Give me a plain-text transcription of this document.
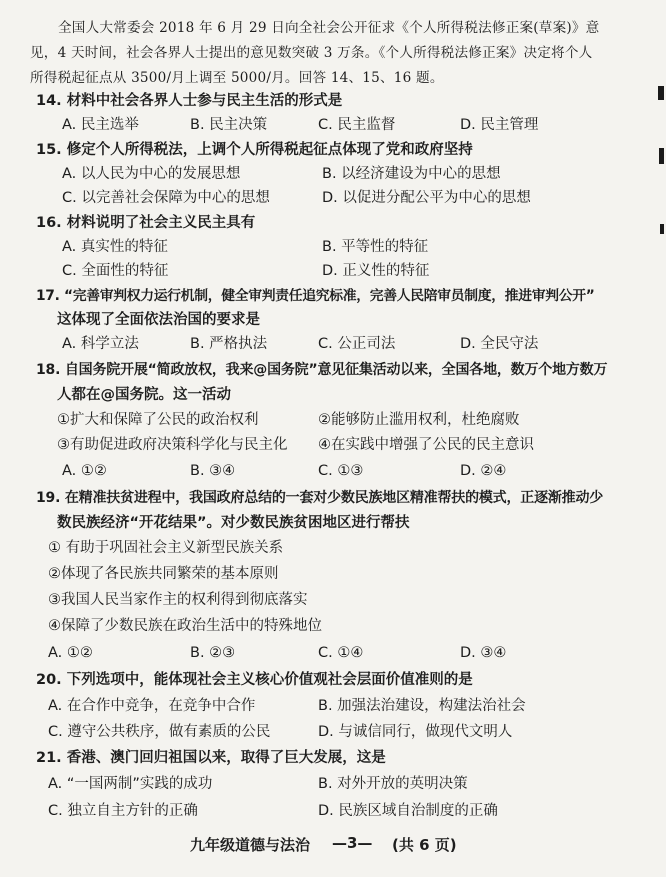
全国人大常委会 2018 年 6 月 29 日向全社会公开征求《个人所得税法修正案(草案)》意
见，4 天时间，社会各界人士提出的意见数突破 3 万条。《个人所得税法修正案》决定将个人
所得税起征点从 3500/月上调至 5000/月。回答 14、15、16 题。
14. 材料中社会各界人士参与民主生活的形式是
A. 民主选举	B. 民主决策	C. 民主监督	D. 民主管理
15. 修定个人所得税法，上调个人所得税起征点体现了党和政府坚持
A. 以人民为中心的发展思想	B. 以经济建设为中心的思想
C. 以完善社会保障为中心的思想	D. 以促进分配公平为中心的思想
16. 材料说明了社会主义民主具有
A. 真实性的特征	B. 平等性的特征
C. 全面性的特征	D. 正义性的特征
17. “完善审判权力运行机制，健全审判责任追究标准，完善人民陪审员制度，推进审判公开”
这体现了全面依法治国的要求是
A. 科学立法	B. 严格执法	C. 公正司法	D. 全民守法
18. 自国务院开展“简政放权，我来@国务院”意见征集活动以来，全国各地，数万个地方数万
人都在@国务院。这一活动
①扩大和保障了公民的政治权利	②能够防止滥用权利，杜绝腐败
③有助促进政府决策科学化与民主化 ④在实践中增强了公民的民主意识
A. ①②	B. ③④	C. ①③	D. ②④
19. 在精准扶贫进程中，我国政府总结的一套对少数民族地区精准帮扶的模式，正逐渐推动少
数民族经济“开花结果”。对少数民族贫困地区进行帮扶
① 有助于巩固社会主义新型民族关系
②体现了各民族共同繁荣的基本原则
③我国人民当家作主的权利得到彻底落实
④保障了少数民族在政治生活中的特殊地位
A. ①②	B. ②③	C. ①④	D. ③④
20. 下列选项中，能体现社会主义核心价值观社会层面价值准则的是
A. 在合作中竞争，在竞争中合作	B. 加强法治建设，构建法治社会
C. 遵守公共秩序，做有素质的公民	D. 与诚信同行，做现代文明人
21. 香港、澳门回归祖国以来，取得了巨大发展，这是
A. “一国两制”实践的成功	B. 对外开放的英明决策
C. 独立自主方针的正确	D. 民族区域自治制度的正确
九年级道德与法治 —3— (共 6 页)
